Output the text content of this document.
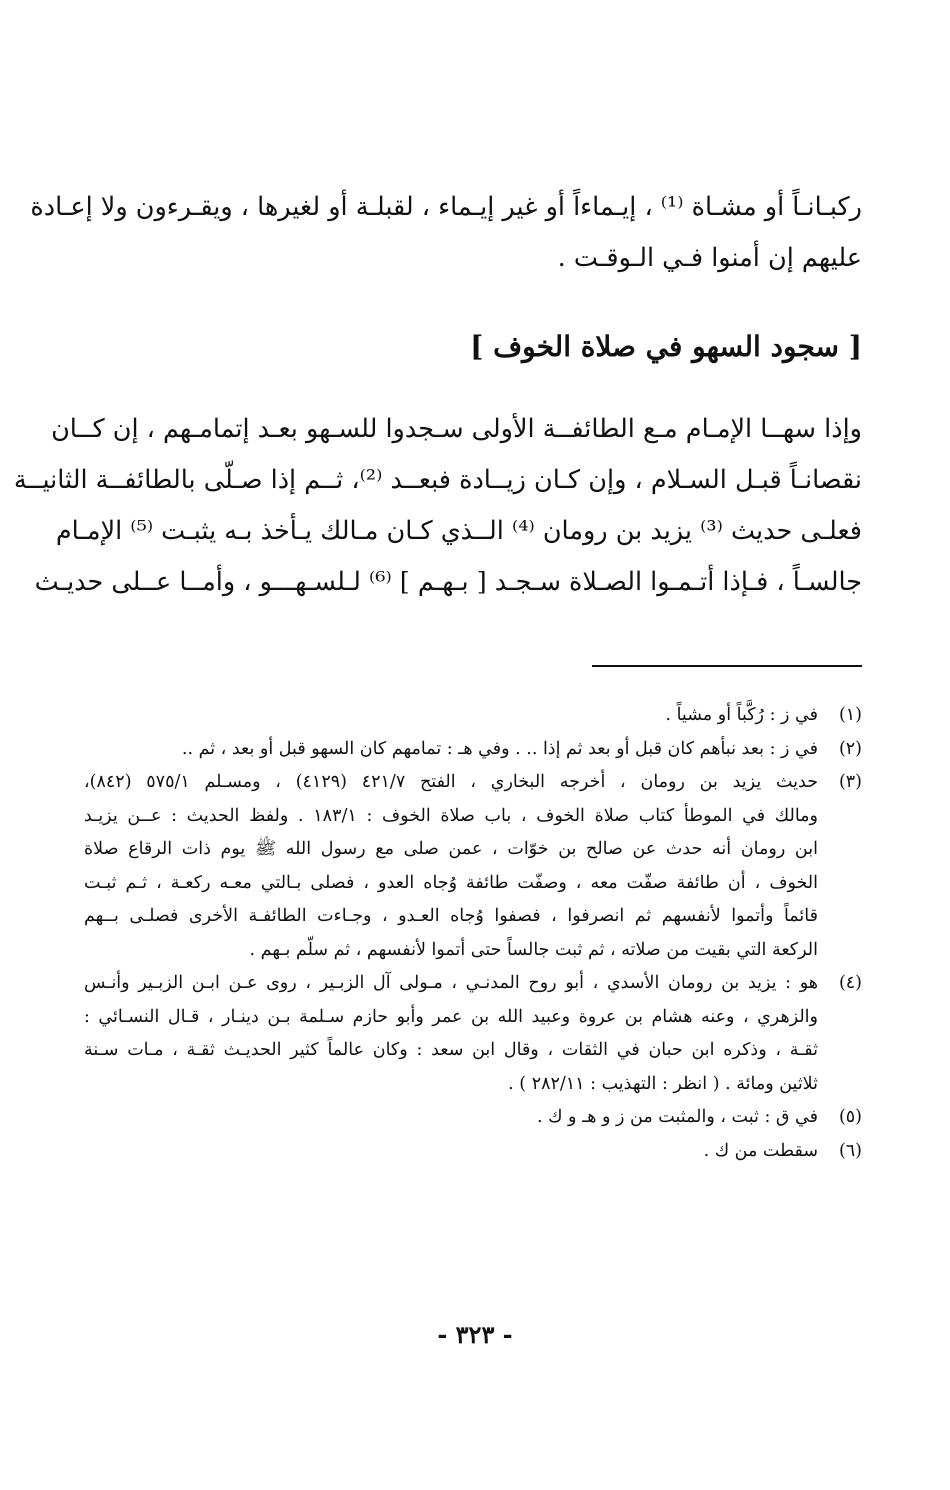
ركبـانـاً أو مشـاة ⁽¹⁾ ، إيـماءاً أو غير إيـماء ، لقبلـة أو لغيرها ، ويقـرءون ولا إعـادة

عليهم إن أمنوا فـي الـوقـت .

[ سجود السهو في صلاة الخوف ]

وإذا سهــا الإمـام مـع الطائفــة الأولى سـجدوا للسـهو بعـد إتمامـهم ، إن كــان

نقصانـاً قبـل السـلام ، وإن كـان زيــادة فبعــد ⁽²⁾، ثــم إذا صـلّى بالطائفــة الثانيــة

فعلـى حديث ⁽³⁾ يزيد بن رومان ⁽⁴⁾ الــذي كـان مـالك يـأخذ بـه يثبـت ⁽⁵⁾ الإمـام

جالسـاً ، فـإذا أتـمـوا الصـلاة سـجـد [ بـهـم ] ⁽⁶⁾ لـلسـهـــو ، وأمــا عــلى حديـث

(١)

في ز : رُكَّباً أو مشياً .

(٢)

في ز : بعد نبأهم كان قبل أو بعد ثم إذا .. . وفي هـ : تمامهم كان السهو قبل أو بعد ، ثم ..

(٣)

حديث يزيد بن رومان ، أخرجه البخاري ، الفتح ٤٢١/٧ (٤١٢٩) ، ومسـلم ٥٧٥/١ (٨٤٢)،

ومالك في الموطأ كتاب صلاة الخوف ، باب صلاة الخوف : ١٨٣/١ . ولفظ الحديث : عــن يزيـد

ابن رومان أنه حدث عن صالح بن خوّات ، عمن صلى مع رسول الله ﷺ يوم ذات الرقاع صلاة

الخوف ، أن طائفة صفّت معه ، وصفّت طائفة وُجاه العدو ، فصلى بـالتي معـه ركعـة ، ثـم ثبـت

قائماً وأتموا لأنفسهم ثم انصرفوا ، فصفوا وُجاه العـدو ، وجـاءت الطائفـة الأخرى فصلـى بــهم

الركعة التي بقيت من صلاته ، ثم ثبت جالساً حتى أتموا لأنفسهم ، ثم سلّم بـهم .

(٤)

هو : يزيد بن رومان الأسدي ، أبو روح المدنـي ، مـولى آل الزبـير ، روى عـن ابـن الزبـير وأنـس

والزهري ، وعنه هشام بن عروة وعبيد الله بن عمر وأبو حازم سـلمة بـن دينـار ، قـال النسـائي :

ثقـة ، وذكره ابن حبان في الثقات ، وقال ابن سعد : وكان عالماً كثير الحديـث ثقـة ، مـات سـنة

ثلاثين ومائة . ( انظر : التهذيب : ٢٨٢/١١ ) .

(٥)

في ق : ثبت ، والمثبت من ز و هـ و ك .

(٦)

سقطت من ك .

- ٣٢٣ -
